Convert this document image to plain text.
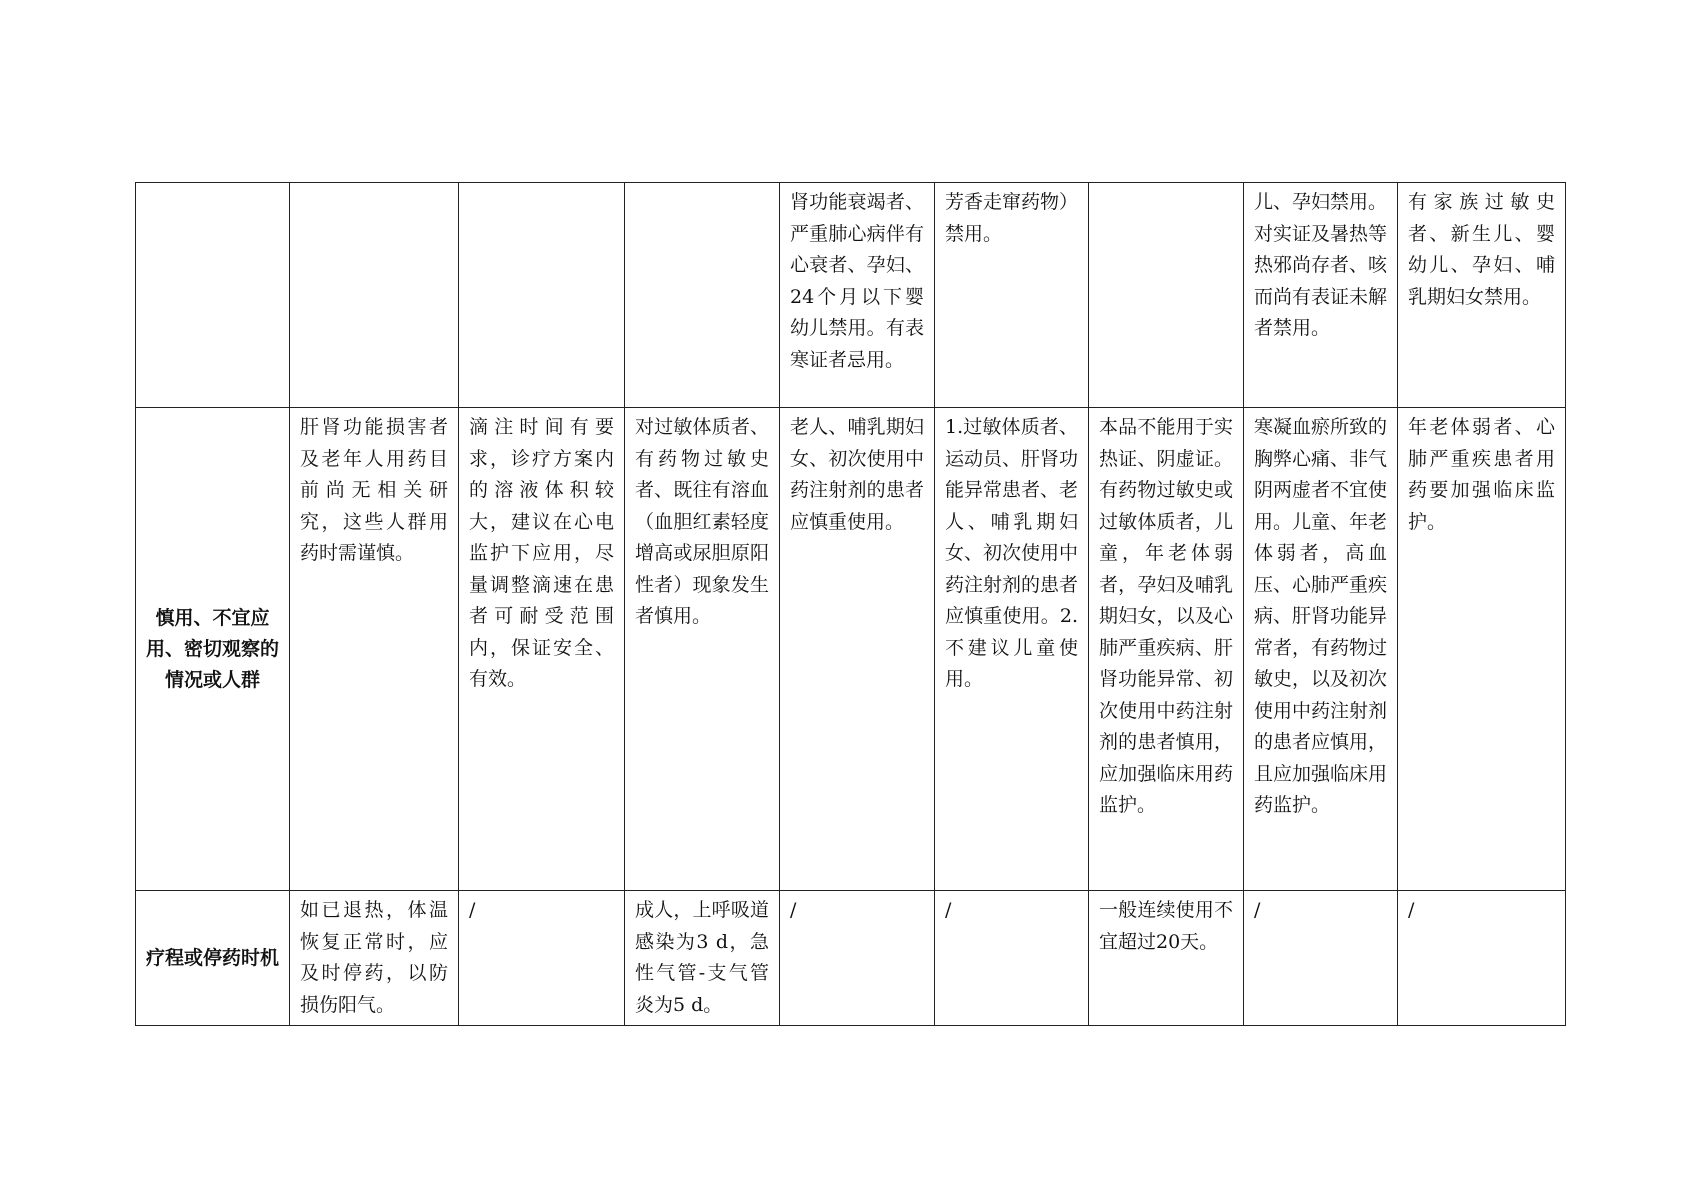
				肾功能衰竭者、严重肺心病伴有心衰者、孕妇、24个月以下婴幼儿禁用。有表寒证者忌用。	芳香走窜药物）禁用。		儿、孕妇禁用。对实证及暑热等热邪尚存者、咳而尚有表证未解者禁用。	有家族过敏史者、新生儿、婴幼儿、孕妇、哺乳期妇女禁用。
慎用、不宜应用、密切观察的情况或人群	肝肾功能损害者及老年人用药目前尚无相关研究，这些人群用药时需谨慎。	滴注时间有要求，诊疗方案内的溶液体积较大，建议在心电监护下应用，尽量调整滴速在患者可耐受范围内，保证安全、有效。	对过敏体质者、有药物过敏史者、既往有溶血（血胆红素轻度增高或尿胆原阳性者）现象发生者慎用。	老人、哺乳期妇女、初次使用中药注射剂的患者应慎重使用。	1.过敏体质者、运动员、肝肾功能异常患者、老人、哺乳期妇女、初次使用中药注射剂的患者应慎重使用。2.不建议儿童使用。	本品不能用于实热证、阴虚证。有药物过敏史或过敏体质者，儿童，年老体弱者，孕妇及哺乳期妇女，以及心肺严重疾病、肝肾功能异常、初次使用中药注射剂的患者慎用，应加强临床用药监护。	寒凝血瘀所致的胸弊心痛、非气阴两虚者不宜使用。儿童、年老体弱者，高血压、心肺严重疾病、肝肾功能异常者，有药物过敏史，以及初次使用中药注射剂的患者应慎用，且应加强临床用药监护。	年老体弱者、心肺严重疾患者用药要加强临床监护。
疗程或停药时机	如已退热，体温恢复正常时，应及时停药，以防损伤阳气。	/	成人，上呼吸道感染为3 d，急性气管-支气管炎为5 d。	/	/	一般连续使用不宜超过20天。	/	/
